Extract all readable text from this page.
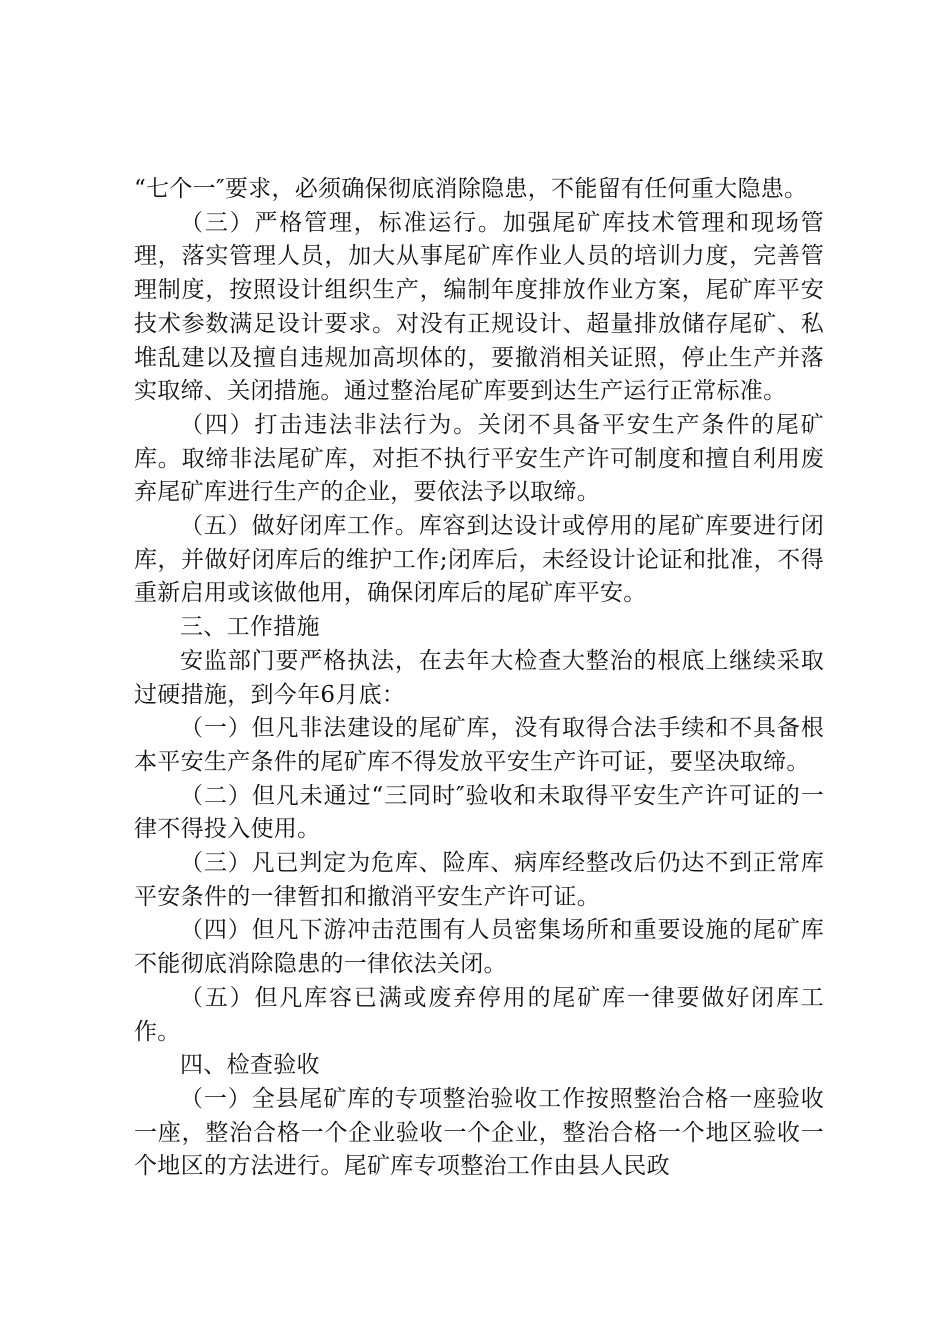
“七个一″要求，必须确保彻底消除隐患，不能留有任何重大隐患。

（三）严格管理，标准运行。加强尾矿库技术管理和现场管理，落实管理人员，加大从事尾矿库作业人员的培训力度，完善管理制度，按照设计组织生产，编制年度排放作业方案，尾矿库平安技术参数满足设计要求。对没有正规设计、超量排放储存尾矿、私堆乱建以及擅自违规加高坝体的，要撤消相关证照，停止生产并落实取缔、关闭措施。通过整治尾矿库要到达生产运行正常标准。

（四）打击违法非法行为。关闭不具备平安生产条件的尾矿库。取缔非法尾矿库，对拒不执行平安生产许可制度和擅自利用废弃尾矿库进行生产的企业，要依法予以取缔。

（五）做好闭库工作。库容到达设计或停用的尾矿库要进行闭库，并做好闭库后的维护工作;闭库后，未经设计论证和批准，不得重新启用或该做他用，确保闭库后的尾矿库平安。

三、工作措施

安监部门要严格执法，在去年大检查大整治的根底上继续采取过硬措施，到今年6月底：

（一）但凡非法建设的尾矿库，没有取得合法手续和不具备根本平安生产条件的尾矿库不得发放平安生产许可证，要坚决取缔。

（二）但凡未通过“三同时″验收和未取得平安生产许可证的一律不得投入使用。

（三）凡已判定为危库、险库、病库经整改后仍达不到正常库平安条件的一律暂扣和撤消平安生产许可证。

（四）但凡下游冲击范围有人员密集场所和重要设施的尾矿库不能彻底消除隐患的一律依法关闭。

（五）但凡库容已满或废弃停用的尾矿库一律要做好闭库工作。

四、检查验收

（一）全县尾矿库的专项整治验收工作按照整治合格一座验收一座，整治合格一个企业验收一个企业，整治合格一个地区验收一个地区的方法进行。尾矿库专项整治工作由县人民政
